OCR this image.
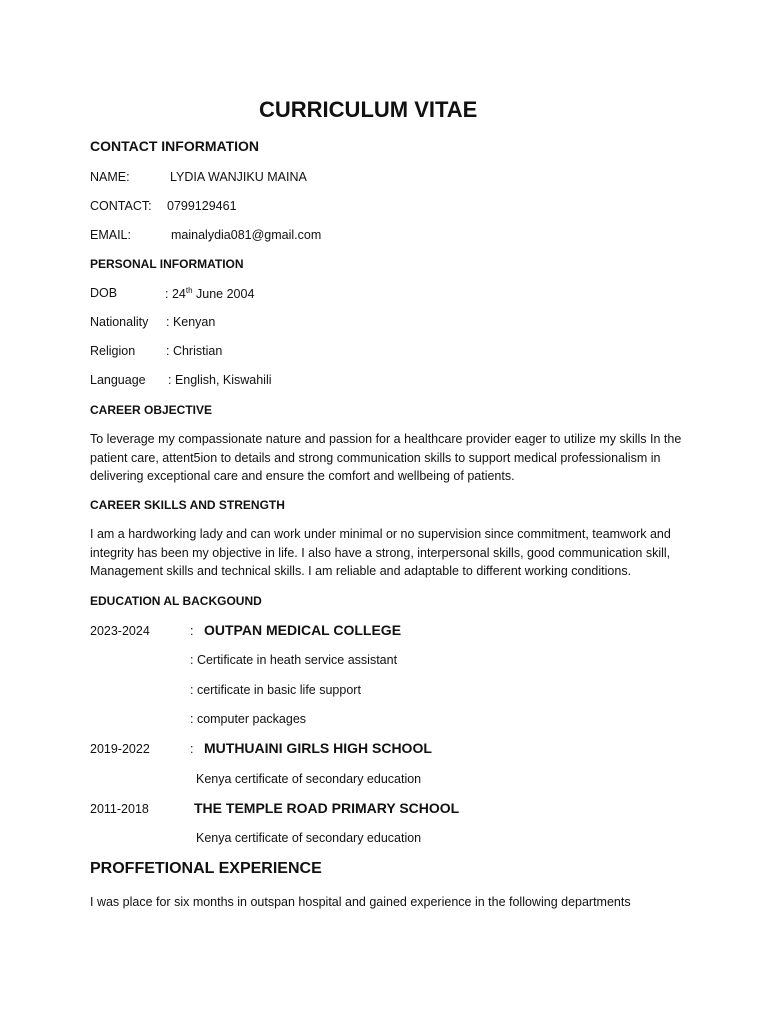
CURRICULUM VITAE
CONTACT INFORMATION
NAME:	LYDIA WANJIKU MAINA
CONTACT: 0799129461
EMAIL:	mainalydia081@gmail.com
PERSONAL INFORMATION
DOB	: 24th June 2004
Nationality : Kenyan
Religion : Christian
Language : English, Kiswahili
CAREER OBJECTIVE
To leverage my compassionate nature and passion for a healthcare provider eager to utilize my skills In the patient care, attent5ion to details and strong communication skills to support medical professionalism in delivering exceptional care and ensure the comfort and wellbeing of patients.
CAREER SKILLS AND STRENGTH
I am a hardworking lady and can work under minimal or no supervision since commitment, teamwork and integrity has been my objective in life. I also have a strong, interpersonal skills, good communication skill, Management skills and technical skills. I am reliable and adaptable to different working conditions.
EDUCATION AL BACKGOUND
2023-2024	: OUTPAN MEDICAL COLLEGE
: Certificate in heath service assistant
: certificate in basic life support
: computer packages
2019-2022	: MUTHUAINI GIRLS HIGH SCHOOL
Kenya certificate of secondary education
2011-2018	THE TEMPLE ROAD PRIMARY SCHOOL
Kenya certificate of secondary education
PROFFETIONAL EXPERIENCE
I was place for six months in outspan hospital and gained experience in the following departments
